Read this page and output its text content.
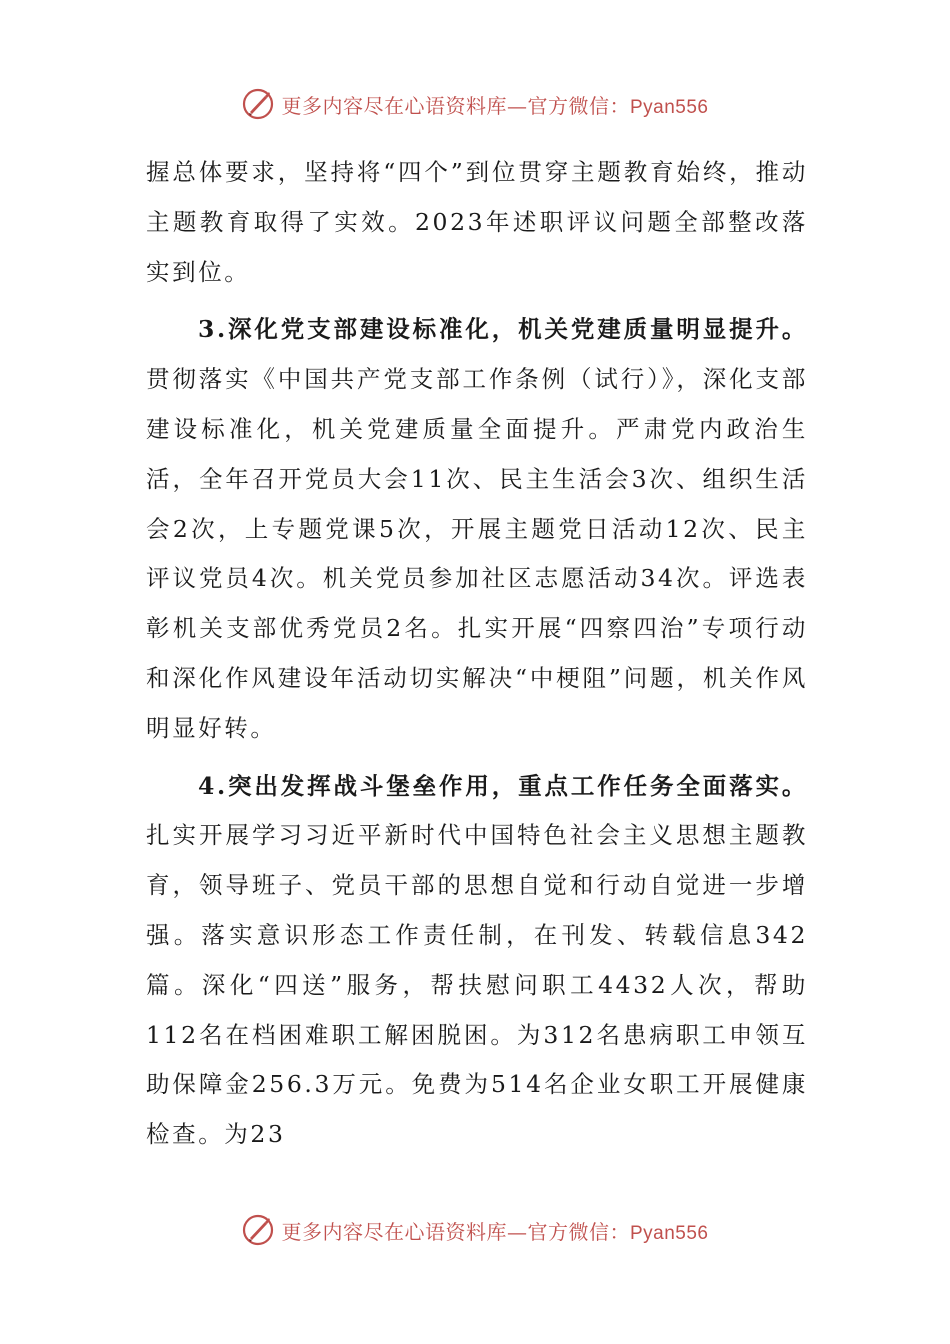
更多内容尽在心语资料库—官方微信：Pyan556

握总体要求，坚持将“四个”到位贯穿主题教育始终，推动主题教育取得了实效。2023年述职评议问题全部整改落实到位。

3.深化党支部建设标准化，机关党建质量明显提升。贯彻落实《中国共产党支部工作条例（试行）》，深化支部建设标准化，机关党建质量全面提升。严肃党内政治生活，全年召开党员大会11次、民主生活会3次、组织生活会2次，上专题党课5次，开展主题党日活动12次、民主评议党员4次。机关党员参加社区志愿活动34次。评选表彰机关支部优秀党员2名。扎实开展“四察四治”专项行动和深化作风建设年活动切实解决“中梗阻”问题，机关作风明显好转。

4.突出发挥战斗堡垒作用，重点工作任务全面落实。扎实开展学习习近平新时代中国特色社会主义思想主题教育，领导班子、党员干部的思想自觉和行动自觉进一步增强。落实意识形态工作责任制，在刊发、转载信息342篇。深化“四送”服务，帮扶慰问职工4432人次，帮助112名在档困难职工解困脱困。为312名患病职工申领互助保障金256.3万元。免费为514名企业女职工开展健康检查。为23

更多内容尽在心语资料库—官方微信：Pyan556
